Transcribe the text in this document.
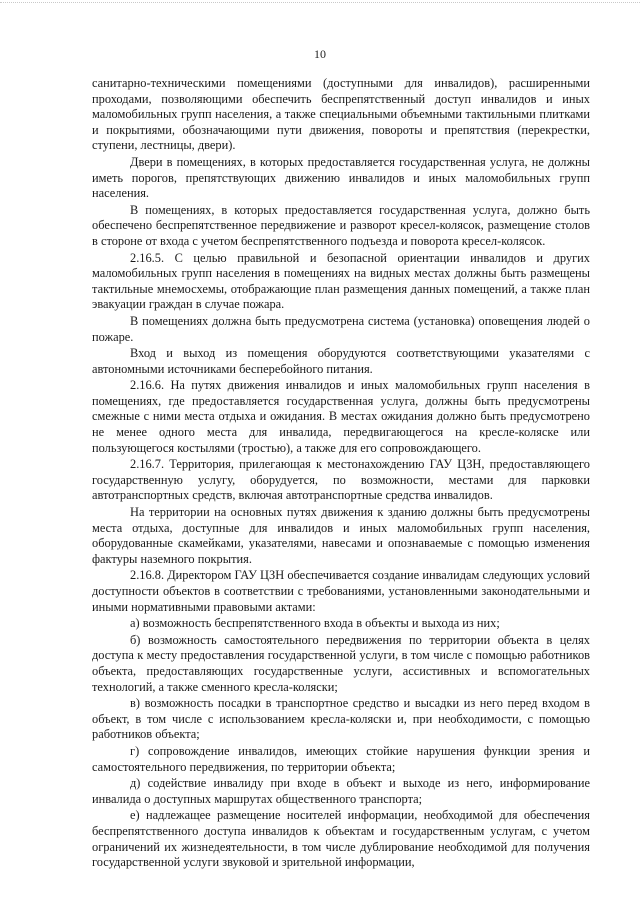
10

санитарно-техническими помещениями (доступными для инвалидов), расширенными проходами, позволяющими обеспечить беспрепятственный доступ инвалидов и иных маломобильных групп населения, а также специальными объемными тактильными плитками и покрытиями, обозначающими пути движения, повороты и препятствия (перекрестки, ступени, лестницы, двери).

Двери в помещениях, в которых предоставляется государственная услуга, не должны иметь порогов, препятствующих движению инвалидов и иных маломобильных групп населения.

В помещениях, в которых предоставляется государственная услуга, должно быть обеспечено беспрепятственное передвижение и разворот кресел-колясок, размещение столов в стороне от входа с учетом беспрепятственного подъезда и поворота кресел-колясок.

2.16.5. С целью правильной и безопасной ориентации инвалидов и других маломобильных групп населения в помещениях на видных местах должны быть размещены тактильные мнемосхемы, отображающие план размещения данных помещений, а также план эвакуации граждан в случае пожара.

В помещениях должна быть предусмотрена система (установка) оповещения людей о пожаре.

Вход и выход из помещения оборудуются соответствующими указателями с автономными источниками бесперебойного питания.

2.16.6. На путях движения инвалидов и иных маломобильных групп населения в помещениях, где предоставляется государственная услуга, должны быть предусмотрены смежные с ними места отдыха и ожидания. В местах ожидания должно быть предусмотрено не менее одного места для инвалида, передвигающегося на кресле-коляске или пользующегося костылями (тростью), а также для его сопровождающего.

2.16.7. Территория, прилегающая к местонахождению ГАУ ЦЗН, предоставляющего государственную услугу, оборудуется, по возможности, местами для парковки автотранспортных средств, включая автотранспортные средства инвалидов.

На территории на основных путях движения к зданию должны быть предусмотрены места отдыха, доступные для инвалидов и иных маломобильных групп населения, оборудованные скамейками, указателями, навесами и опознаваемые с помощью изменения фактуры наземного покрытия.

2.16.8. Директором ГАУ ЦЗН обеспечивается создание инвалидам следующих условий доступности объектов в соответствии с требованиями, установленными законодательными и иными нормативными правовыми актами:

а) возможность беспрепятственного входа в объекты и выхода из них;

б) возможность самостоятельного передвижения по территории объекта в целях доступа к месту предоставления государственной услуги, в том числе с помощью работников объекта, предоставляющих государственные услуги, ассистивных и вспомогательных технологий, а также сменного кресла-коляски;

в) возможность посадки в транспортное средство и высадки из него перед входом в объект, в том числе с использованием кресла-коляски и, при необходимости, с помощью работников объекта;

г) сопровождение инвалидов, имеющих стойкие нарушения функции зрения и самостоятельного передвижения, по территории объекта;

д) содействие инвалиду при входе в объект и выходе из него, информирование инвалида о доступных маршрутах общественного транспорта;

е) надлежащее размещение носителей информации, необходимой для обеспечения беспрепятственного доступа инвалидов к объектам и государственным услугам, с учетом ограничений их жизнедеятельности, в том числе дублирование необходимой для получения государственной услуги звуковой и зрительной информации,
